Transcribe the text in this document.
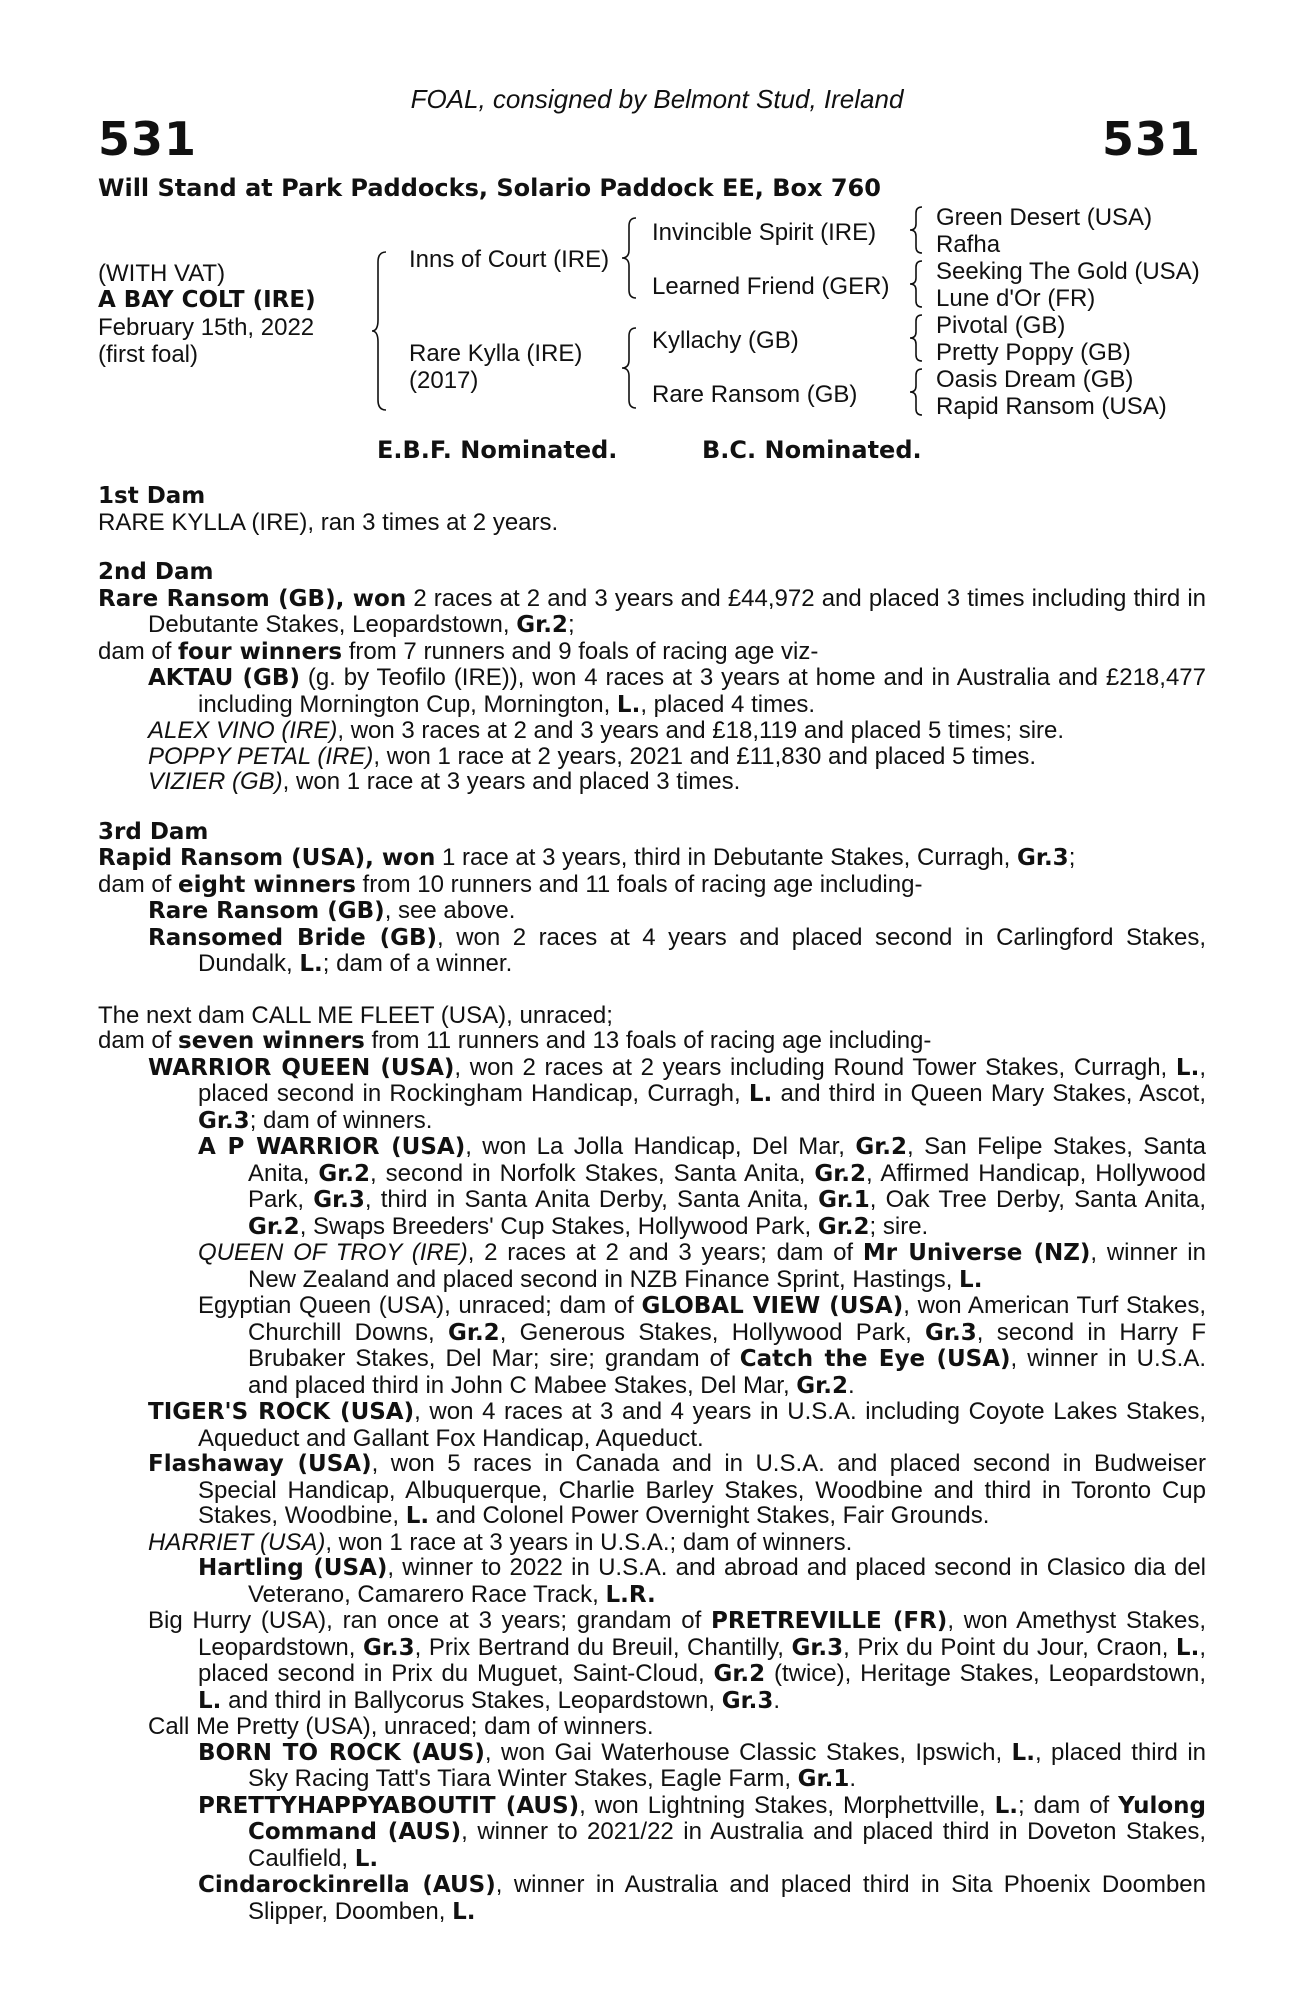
FOAL, consigned by Belmont Stud, Ireland
531	531
Will Stand at Park Paddocks, Solario Paddock EE, Box 760
(WITH VAT)
A BAY COLT (IRE)
February 15th, 2022
(first foal)
Inns of Court (IRE)
Rare Kylla (IRE)
(2017)
Invincible Spirit (IRE)
Learned Friend (GER)
Kyllachy (GB)
Rare Ransom (GB)
Green Desert (USA)
Rafha
Seeking The Gold (USA)
Lune d'Or (FR)
Pivotal (GB)
Pretty Poppy (GB)
Oasis Dream (GB)
Rapid Ransom (USA)
E.B.F. Nominated.	B.C. Nominated.
1st Dam
RARE KYLLA (IRE), ran 3 times at 2 years.
2nd Dam
Rare Ransom (GB), won 2 races at 2 and 3 years and £44,972 and placed 3 times including third in Debutante Stakes, Leopardstown, Gr.2;
dam of four winners from 7 runners and 9 foals of racing age viz-
AKTAU (GB) (g. by Teofilo (IRE)), won 4 races at 3 years at home and in Australia and £218,477 including Mornington Cup, Mornington, L., placed 4 times.
ALEX VINO (IRE), won 3 races at 2 and 3 years and £18,119 and placed 5 times; sire.
POPPY PETAL (IRE), won 1 race at 2 years, 2021 and £11,830 and placed 5 times.
VIZIER (GB), won 1 race at 3 years and placed 3 times.
3rd Dam
Rapid Ransom (USA), won 1 race at 3 years, third in Debutante Stakes, Curragh, Gr.3;
dam of eight winners from 10 runners and 11 foals of racing age including-
Rare Ransom (GB), see above.
Ransomed Bride (GB), won 2 races at 4 years and placed second in Carlingford Stakes, Dundalk, L.; dam of a winner.
The next dam CALL ME FLEET (USA), unraced;
dam of seven winners from 11 runners and 13 foals of racing age including-
WARRIOR QUEEN (USA), won 2 races at 2 years including Round Tower Stakes, Curragh, L., placed second in Rockingham Handicap, Curragh, L. and third in Queen Mary Stakes, Ascot, Gr.3; dam of winners.
A P WARRIOR (USA), won La Jolla Handicap, Del Mar, Gr.2, San Felipe Stakes, Santa Anita, Gr.2, second in Norfolk Stakes, Santa Anita, Gr.2, Affirmed Handicap, Hollywood Park, Gr.3, third in Santa Anita Derby, Santa Anita, Gr.1, Oak Tree Derby, Santa Anita, Gr.2, Swaps Breeders' Cup Stakes, Hollywood Park, Gr.2; sire.
QUEEN OF TROY (IRE), 2 races at 2 and 3 years; dam of Mr Universe (NZ), winner in New Zealand and placed second in NZB Finance Sprint, Hastings, L.
Egyptian Queen (USA), unraced; dam of GLOBAL VIEW (USA), won American Turf Stakes, Churchill Downs, Gr.2, Generous Stakes, Hollywood Park, Gr.3, second in Harry F Brubaker Stakes, Del Mar; sire; grandam of Catch the Eye (USA), winner in U.S.A. and placed third in John C Mabee Stakes, Del Mar, Gr.2.
TIGER'S ROCK (USA), won 4 races at 3 and 4 years in U.S.A. including Coyote Lakes Stakes, Aqueduct and Gallant Fox Handicap, Aqueduct.
Flashaway (USA), won 5 races in Canada and in U.S.A. and placed second in Budweiser Special Handicap, Albuquerque, Charlie Barley Stakes, Woodbine and third in Toronto Cup Stakes, Woodbine, L. and Colonel Power Overnight Stakes, Fair Grounds.
HARRIET (USA), won 1 race at 3 years in U.S.A.; dam of winners.
Hartling (USA), winner to 2022 in U.S.A. and abroad and placed second in Clasico dia del Veterano, Camarero Race Track, L.R.
Big Hurry (USA), ran once at 3 years; grandam of PRETREVILLE (FR), won Amethyst Stakes, Leopardstown, Gr.3, Prix Bertrand du Breuil, Chantilly, Gr.3, Prix du Point du Jour, Craon, L., placed second in Prix du Muguet, Saint-Cloud, Gr.2 (twice), Heritage Stakes, Leopardstown, L. and third in Ballycorus Stakes, Leopardstown, Gr.3.
Call Me Pretty (USA), unraced; dam of winners.
BORN TO ROCK (AUS), won Gai Waterhouse Classic Stakes, Ipswich, L., placed third in Sky Racing Tatt's Tiara Winter Stakes, Eagle Farm, Gr.1.
PRETTYHAPPYABOUTIT (AUS), won Lightning Stakes, Morphettville, L.; dam of Yulong Command (AUS), winner to 2021/22 in Australia and placed third in Doveton Stakes, Caulfield, L.
Cindarockinrella (AUS), winner in Australia and placed third in Sita Phoenix Doomben Slipper, Doomben, L.
